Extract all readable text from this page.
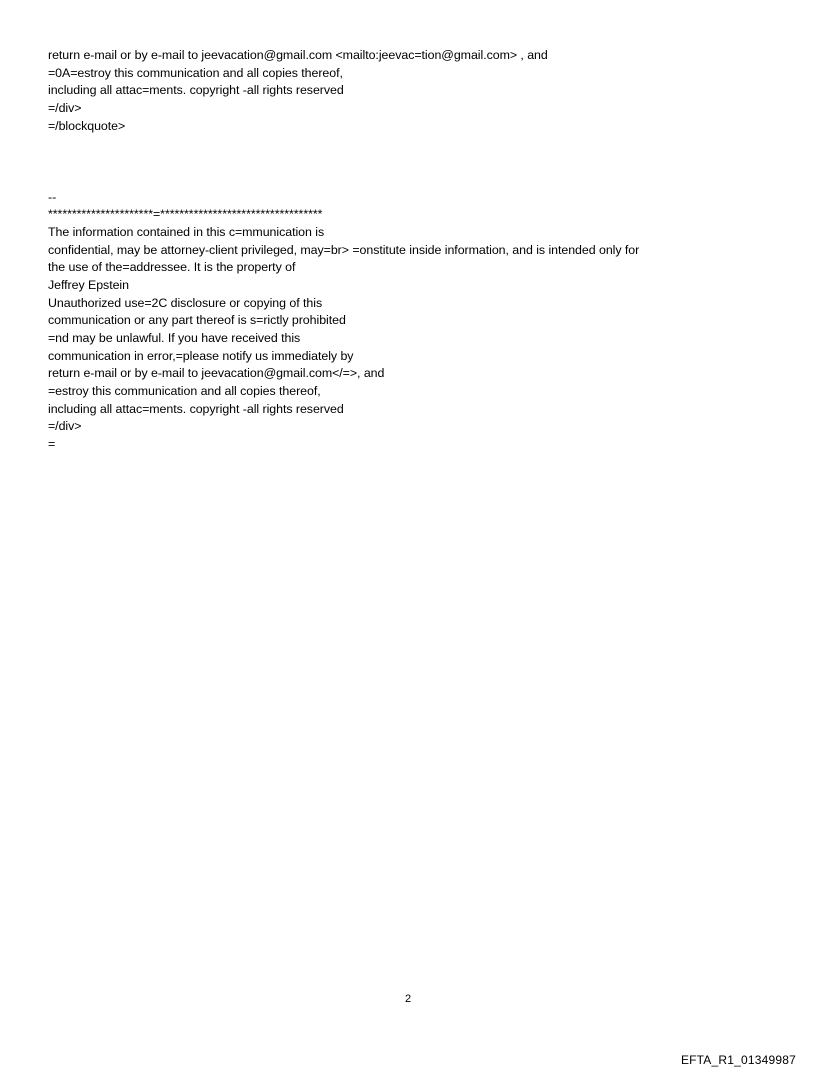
return e-mail or by e-mail to jeevacation@gmail.com <mailto:jeevac=tion@gmail.com> , and
=0A=estroy this communication and all copies thereof,
including all attac=ments. copyright -all rights reserved
=/div>
=/blockquote>
--
**********************=**********************************
The information contained in this c=mmunication is
confidential, may be attorney-client privileged, may=br> =onstitute inside information, and is intended only for
the use of the=addressee. It is the property of
Jeffrey Epstein
Unauthorized use=2C disclosure or copying of this
communication or any part thereof is s=rictly prohibited
=nd may be unlawful. If you have received this
communication in error,=please notify us immediately by
return e-mail or by e-mail to jeevacation@gmail.com</=>, and
=estroy this communication and all copies thereof,
including all attac=ments. copyright -all rights reserved
=/div>
=
2
EFTA_R1_01349987
